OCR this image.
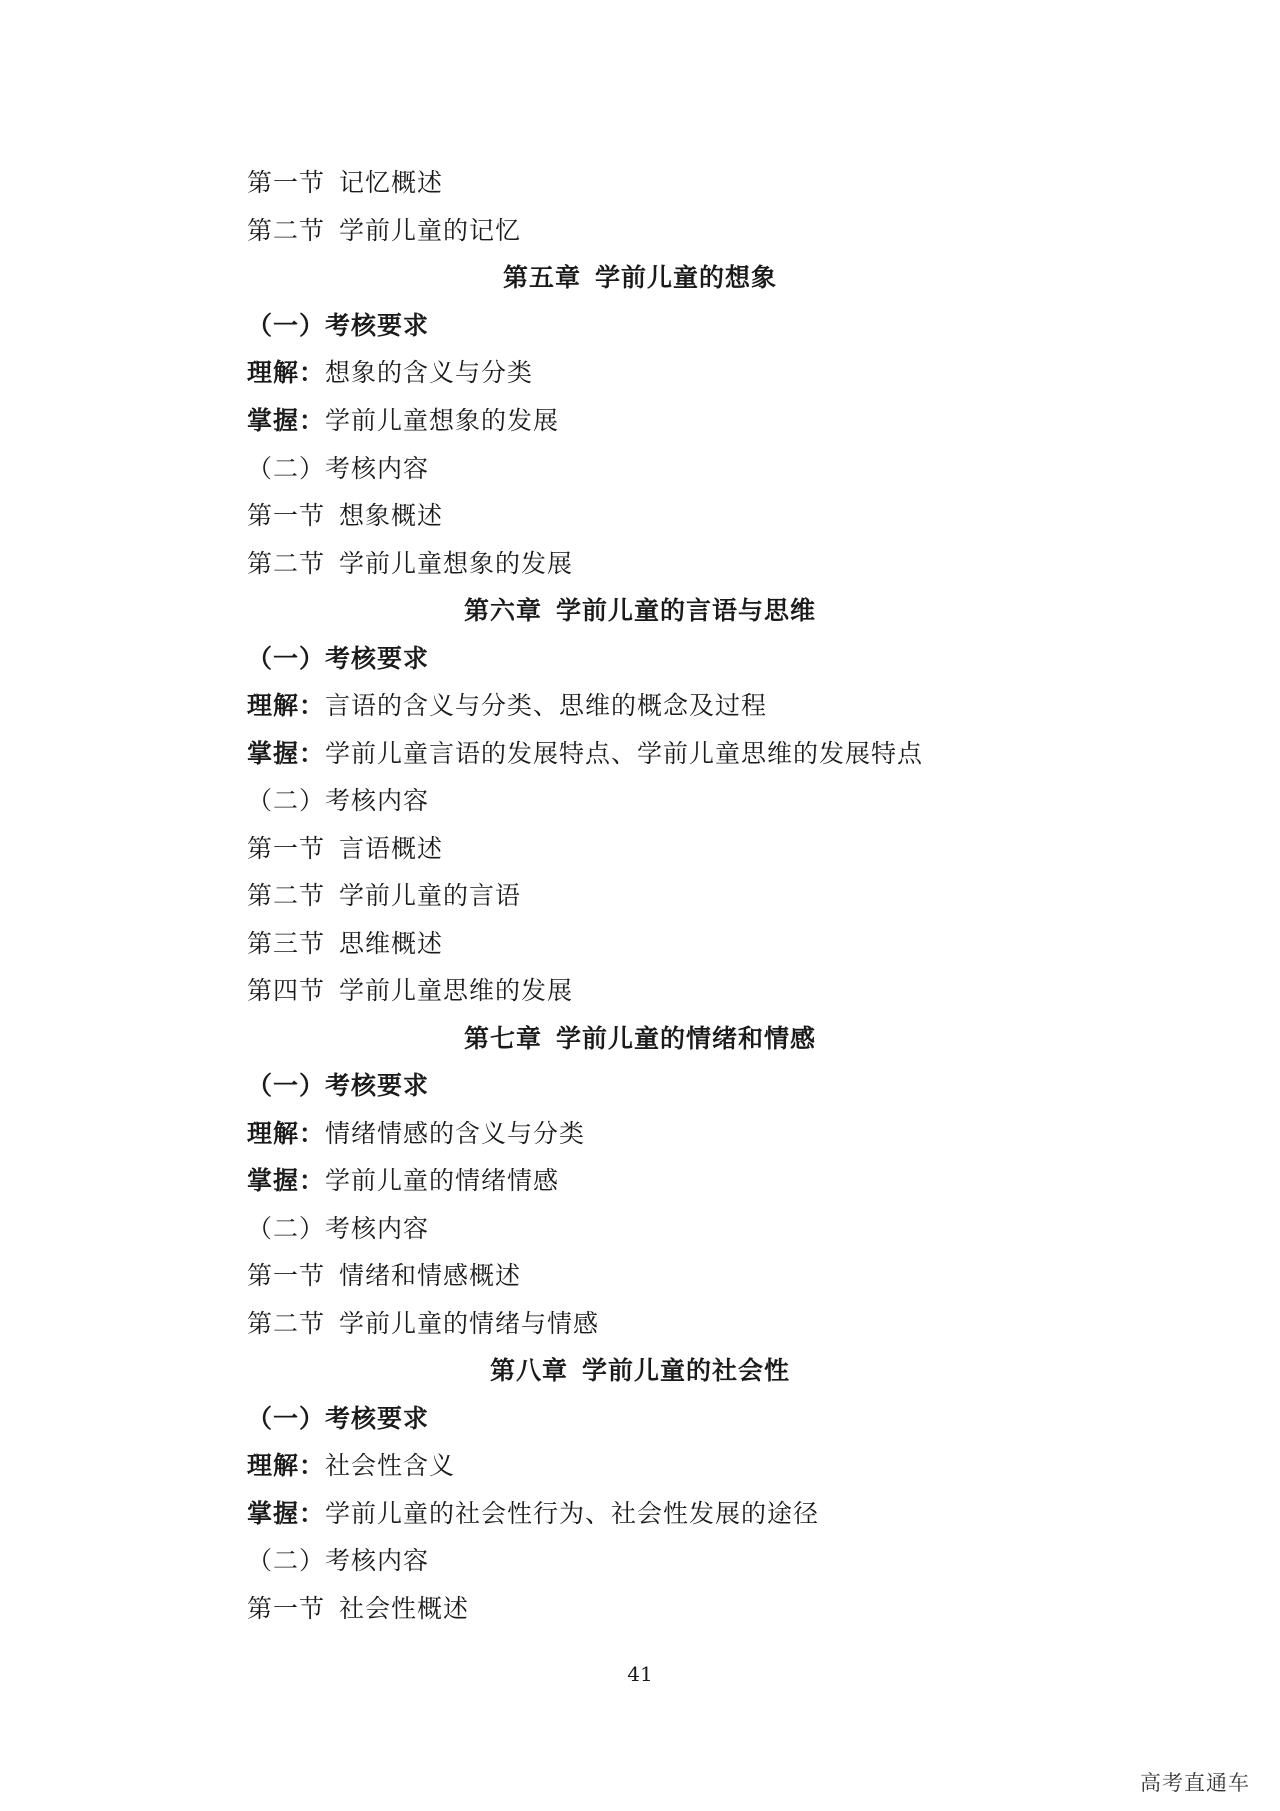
第一节 记忆概述
第二节 学前儿童的记忆
第五章 学前儿童的想象
（一）考核要求
理解：想象的含义与分类
掌握：学前儿童想象的发展
（二）考核内容
第一节 想象概述
第二节 学前儿童想象的发展
第六章 学前儿童的言语与思维
（一）考核要求
理解：言语的含义与分类、思维的概念及过程
掌握：学前儿童言语的发展特点、学前儿童思维的发展特点
（二）考核内容
第一节 言语概述
第二节 学前儿童的言语
第三节 思维概述
第四节 学前儿童思维的发展
第七章 学前儿童的情绪和情感
（一）考核要求
理解：情绪情感的含义与分类
掌握：学前儿童的情绪情感
（二）考核内容
第一节 情绪和情感概述
第二节 学前儿童的情绪与情感
第八章 学前儿童的社会性
（一）考核要求
理解：社会性含义
掌握：学前儿童的社会性行为、社会性发展的途径
（二）考核内容
第一节 社会性概述
41
高考直通车
